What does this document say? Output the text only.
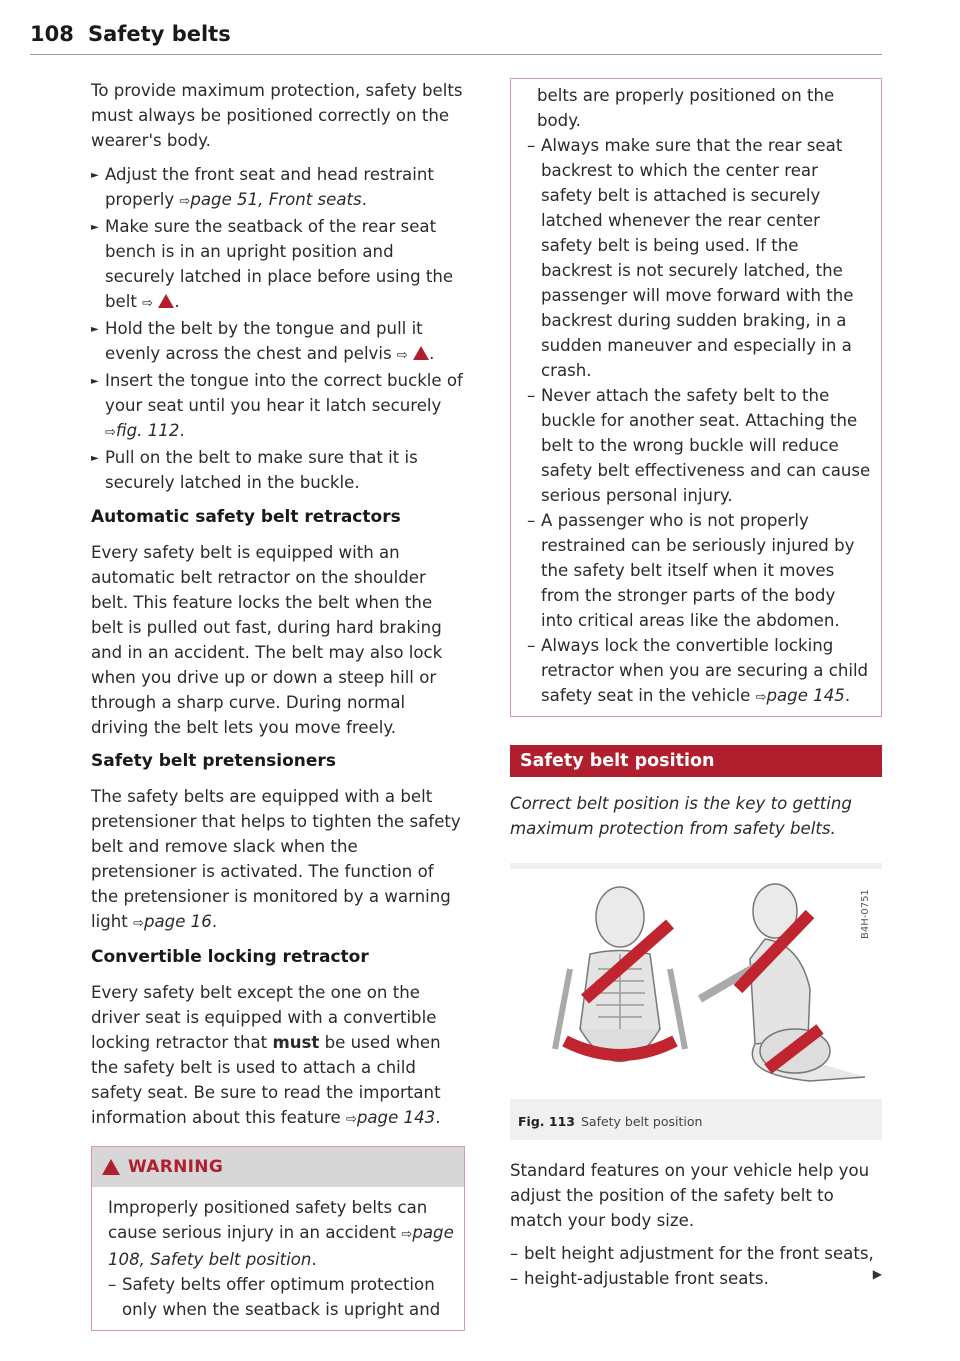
108 Safety belts

To provide maximum protection, safety belts must always be positioned correctly on the wearer's body.

► Adjust the front seat and head restraint properly ⇨page 51, Front seats.
► Make sure the seatback of the rear seat bench is in an upright position and securely latched in place before using the belt ⇨ .
► Hold the belt by the tongue and pull it evenly across the chest and pelvis ⇨ .
► Insert the tongue into the correct buckle of your seat until you hear it latch securely ⇨fig. 112.
► Pull on the belt to make sure that it is securely latched in the buckle.
Automatic safety belt retractors

Every safety belt is equipped with an automatic belt retractor on the shoulder belt. This feature locks the belt when the belt is pulled out fast, during hard braking and in an accident. The belt may also lock when you drive up or down a steep hill or through a sharp curve. During normal driving the belt lets you move freely.

Safety belt pretensioners

The safety belts are equipped with a belt pretensioner that helps to tighten the safety belt and remove slack when the pretensioner is activated. The function of the pretensioner is monitored by a warning light ⇨page 16.

Convertible locking retractor

Every safety belt except the one on the driver seat is equipped with a convertible locking retractor that must be used when the safety belt is used to attach a child safety seat. Be sure to read the important information about this feature ⇨page 143.

WARNING
Improperly positioned safety belts can cause serious injury in an accident ⇨page 108, Safety belt position.
– Safety belts offer optimum protection only when the seatback is upright and
belts are properly positioned on the body.
– Always make sure that the rear seat backrest to which the center rear safety belt is attached is securely latched whenever the rear center safety belt is being used. If the backrest is not securely latched, the passenger will move forward with the backrest during sudden braking, in a sudden maneuver and especially in a crash.
– Never attach the safety belt to the buckle for another seat. Attaching the belt to the wrong buckle will reduce safety belt effectiveness and can cause serious personal injury.
– A passenger who is not properly restrained can be seriously injured by the safety belt itself when it moves from the stronger parts of the body into critical areas like the abdomen.
– Always lock the convertible locking retractor when you are securing a child safety seat in the vehicle ⇨page 145.
Safety belt position
Correct belt position is the key to getting maximum protection from safety belts.
B4H-0751
Fig. 113 Safety belt position

Standard features on your vehicle help you adjust the position of the safety belt to match your body size.

– belt height adjustment for the front seats,
– height-adjustable front seats.	▶
